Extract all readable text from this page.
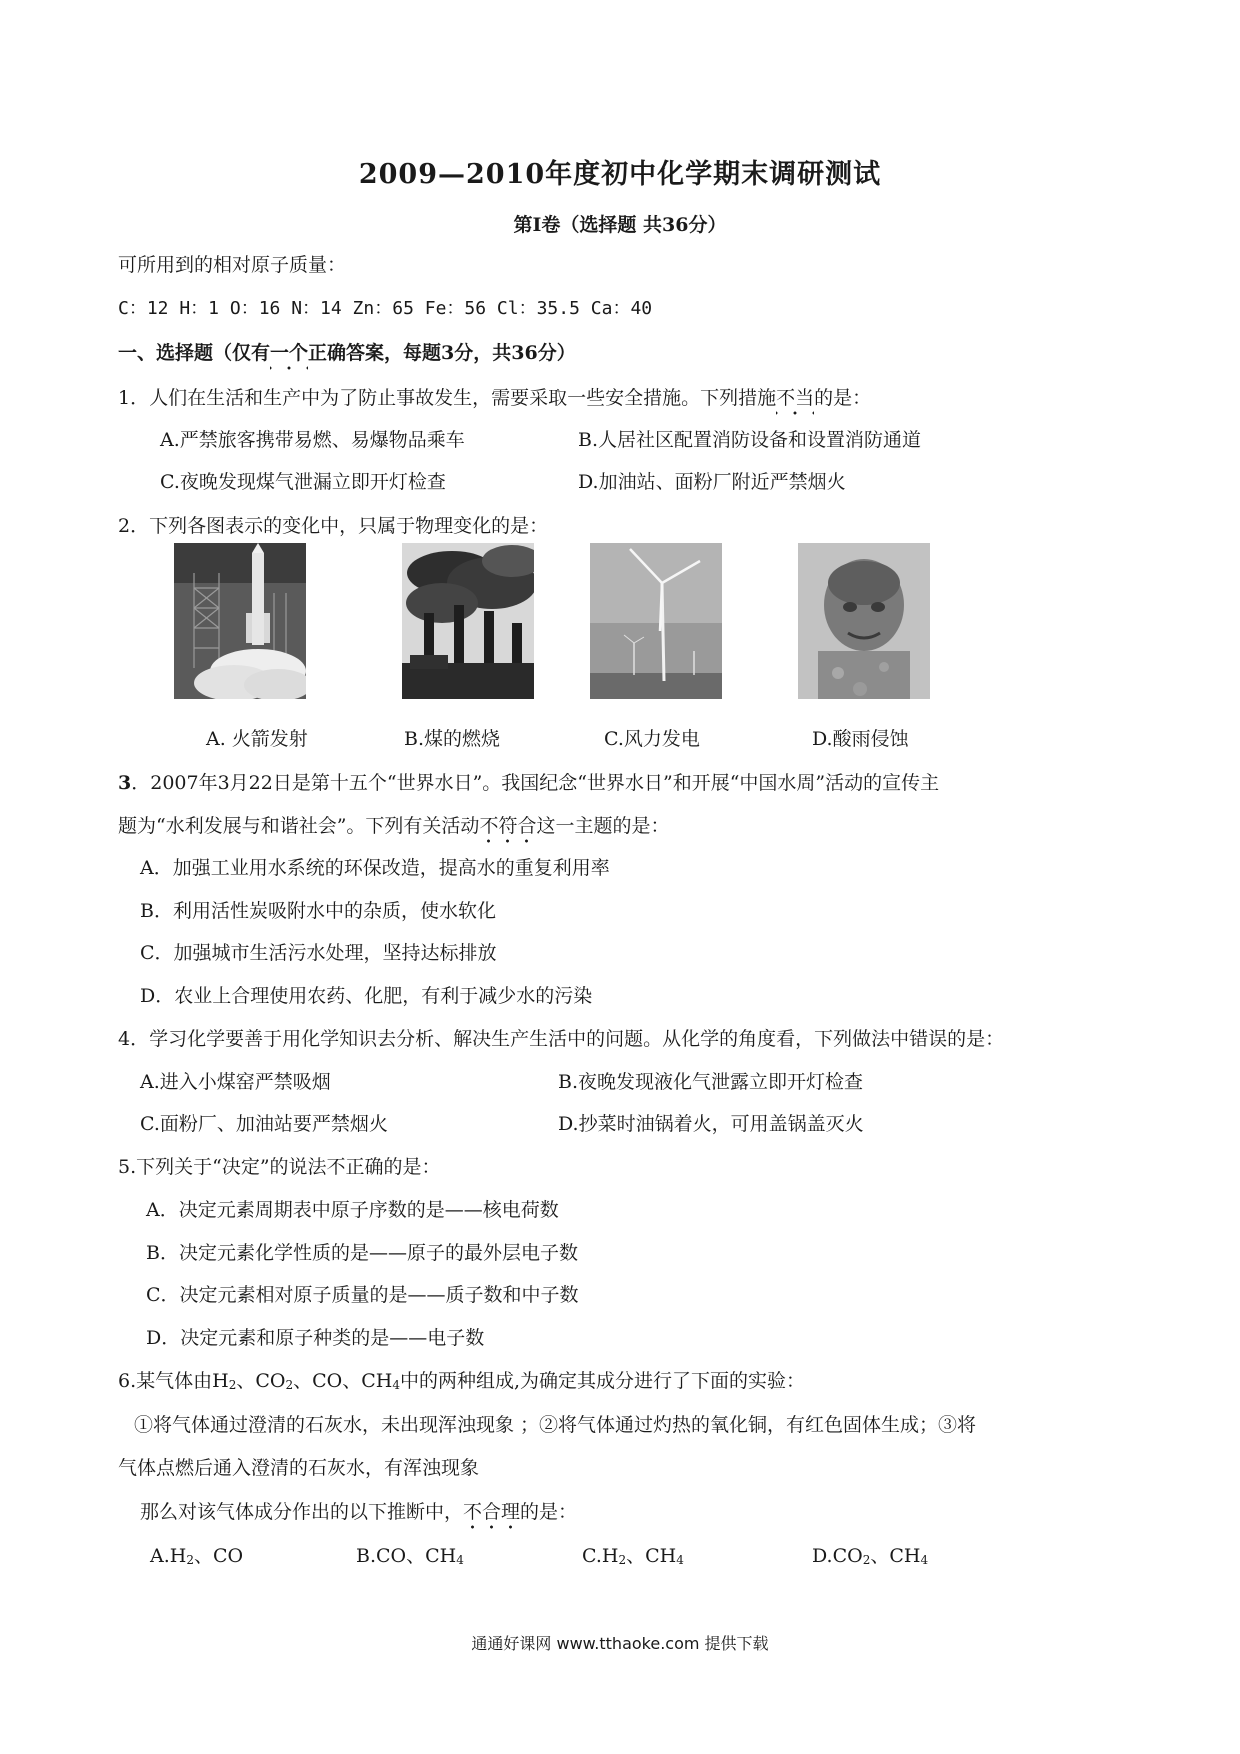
2009—2010年度初中化学期末调研测试
第I卷（选择题 共36分）
可所用到的相对原子质量：
C：12 H：1 O：16 N：14 Zn：65 Fe：56 Cl：35.5 Ca：40
一、选择题（仅有一个正确答案，每题3分，共36分）
1．人们在生活和生产中为了防止事故发生，需要采取一些安全措施。下列措施不当的是：
A.严禁旅客携带易燃、易爆物品乘车	B.人居社区配置消防设备和设置消防通道
C.夜晚发现煤气泄漏立即开灯检查	D.加油站、面粉厂附近严禁烟火
2．下列各图表示的变化中，只属于物理变化的是：
A. 火箭发射	B.煤的燃烧	C.风力发电	D.酸雨侵蚀
3．2007年3月22日是第十五个“世界水日”。我国纪念“世界水日”和开展“中国水周”活动的宣传主
题为“水利发展与和谐社会”。下列有关活动不符合这一主题的是：
A．加强工业用水系统的环保改造，提高水的重复利用率
B．利用活性炭吸附水中的杂质，使水软化
C．加强城市生活污水处理，坚持达标排放
D．农业上合理使用农药、化肥，有利于减少水的污染
4．学习化学要善于用化学知识去分析、解决生产生活中的问题。从化学的角度看，下列做法中错误的是：
A.进入小煤窑严禁吸烟	B.夜晚发现液化气泄露立即开灯检查
C.面粉厂、加油站要严禁烟火	D.抄菜时油锅着火，可用盖锅盖灭火
5.下列关于“决定”的说法不正确的是：
A．决定元素周期表中原子序数的是——核电荷数
B．决定元素化学性质的是——原子的最外层电子数
C．决定元素相对原子质量的是——质子数和中子数
D．决定元素和原子种类的是——电子数
6.某气体由$H_2$、$CO_2$、CO、$CH_4$中的两种组成,为确定其成分进行了下面的实验：
①将气体通过澄清的石灰水，未出现浑浊现象 ；②将气体通过灼热的氧化铜，有红色固体生成；③将
气体点燃后通入澄清的石灰水，有浑浊现象
那么对该气体成分作出的以下推断中，不合理的是：
$A.H_2$、CO	B.CO、$CH_4$	$C.H_2$、$CH_4$	$D.CO_2$、$CH_4$
通通好课网 www.tthaoke.com 提供下载
